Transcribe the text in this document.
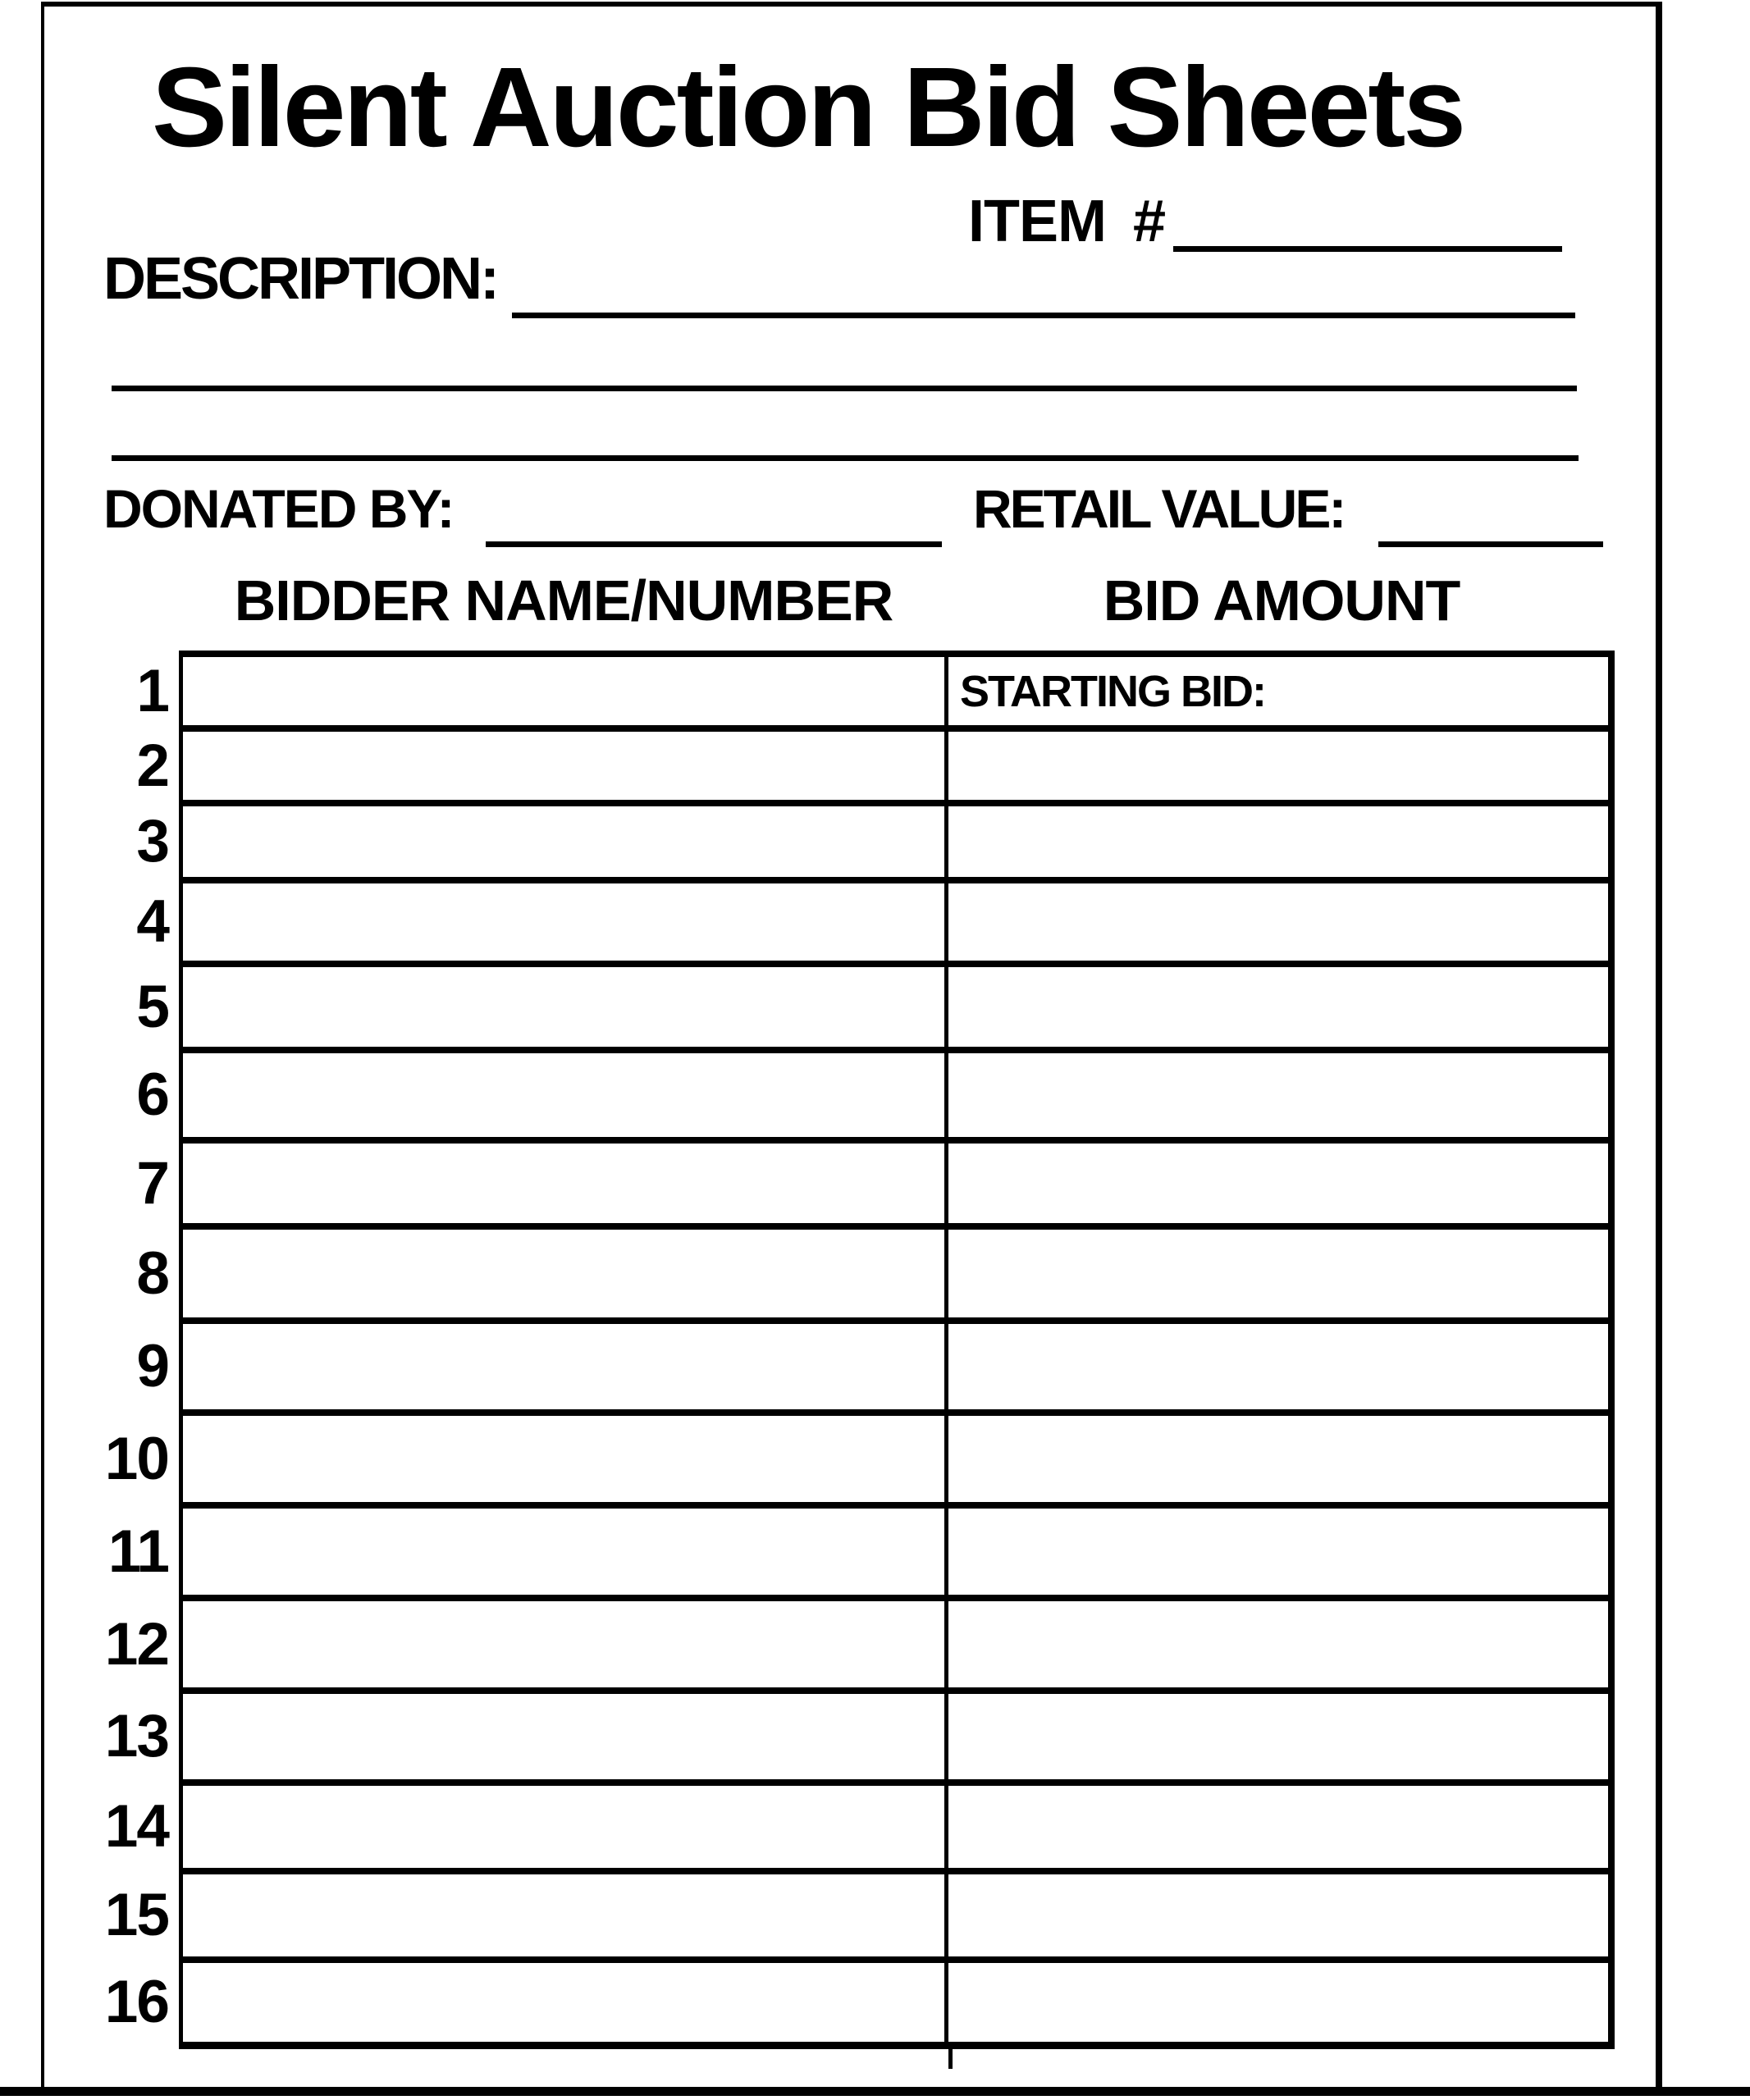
Silent Auction Bid Sheets
ITEM #
DESCRIPTION:
DONATED BY:	RETAIL VALUE:
BIDDER NAME/NUMBER	BID AMOUNT
STARTING BID:
1
2
3
4
5
6
7
8
9
10
11
12
13
14
15
16
